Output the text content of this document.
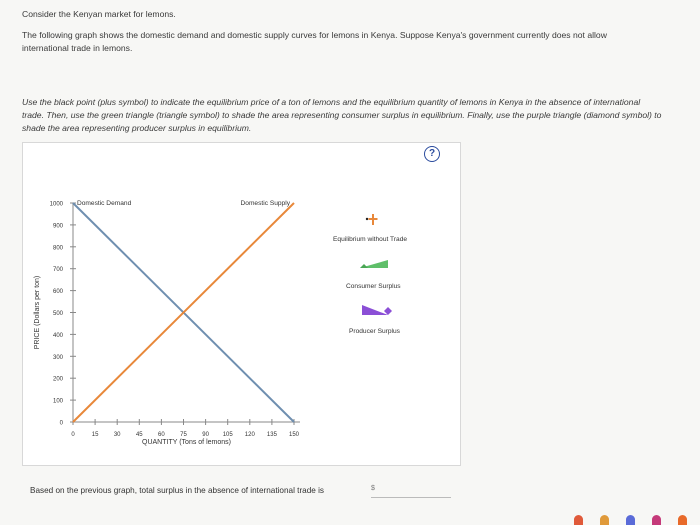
Consider the Kenyan market for lemons.
The following graph shows the domestic demand and domestic supply curves for lemons in Kenya. Suppose Kenya's government currently does not allow international trade in lemons.
Use the black point (plus symbol) to indicate the equilibrium price of a ton of lemons and the equilibrium quantity of lemons in Kenya in the absence of international trade. Then, use the green triangle (triangle symbol) to shade the area representing consumer surplus in equilibrium. Finally, use the purple triangle (diamond symbol) to shade the area representing producer surplus in equilibrium.
?
0
100
200
300
400
500
600
700
800
900
1000
0	15	30	45	60	75	90 105 120 135 150
QUANTITY (Tons of lemons)
PRICE (Dollars per ton)
Domestic Demand	Domestic Supply
Equilibrium without Trade
Consumer Surplus
Producer Surplus
Based on the previous graph, total surplus in the absence of international trade is	$
